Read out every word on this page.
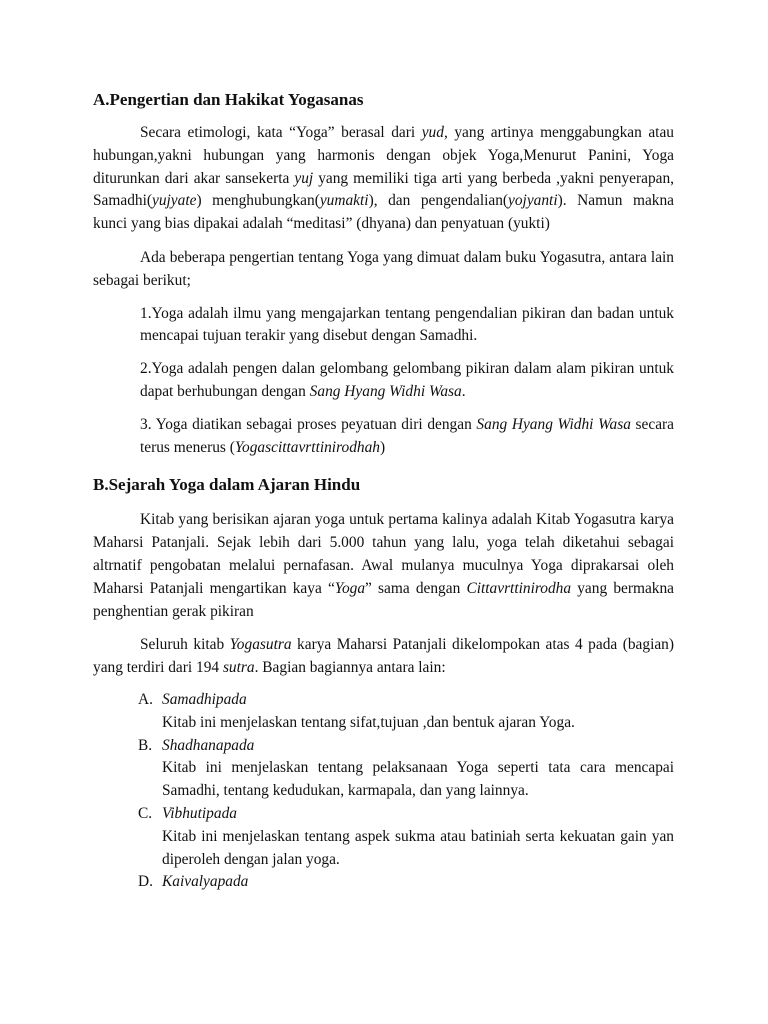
A.Pengertian dan Hakikat Yogasanas

Secara etimologi, kata “Yoga” berasal dari yud, yang artinya menggabungkan atau hubungan,yakni hubungan yang harmonis dengan objek Yoga,Menurut Panini, Yoga diturunkan dari akar sansekerta yuj yang memiliki tiga arti yang berbeda ,yakni penyerapan, Samadhi(yujyate) menghubungkan(yumakti), dan pengendalian(yojyanti). Namun makna kunci yang bias dipakai adalah “meditasi” (dhyana) dan penyatuan (yukti)

Ada beberapa pengertian tentang Yoga yang dimuat dalam buku Yogasutra, antara lain sebagai berikut;

1.Yoga adalah ilmu yang mengajarkan tentang pengendalian pikiran dan badan untuk mencapai tujuan terakir yang disebut dengan Samadhi.

2.Yoga adalah pengen dalan gelombang gelombang pikiran dalam alam pikiran untuk dapat berhubungan dengan Sang Hyang Widhi Wasa.

3. Yoga diatikan sebagai proses peyatuan diri dengan Sang Hyang Widhi Wasa secara terus menerus (Yogascittavrttinirodhah)

B.Sejarah Yoga dalam Ajaran Hindu

Kitab yang berisikan ajaran yoga untuk pertama kalinya adalah Kitab Yogasutra karya Maharsi Patanjali. Sejak lebih dari 5.000 tahun yang lalu, yoga telah diketahui sebagai altrnatif pengobatan melalui pernafasan. Awal mulanya muculnya Yoga diprakarsai oleh Maharsi Patanjali mengartikan kaya “Yoga” sama dengan Cittavrttinirodha yang bermakna penghentian gerak pikiran

Seluruh kitab Yogasutra karya Maharsi Patanjali dikelompokan atas 4 pada (bagian) yang terdiri dari 194 sutra. Bagian bagiannya antara lain:

A. Samadhipada
Kitab ini menjelaskan tentang sifat,tujuan ,dan bentuk ajaran Yoga.
B. Shadhanapada
Kitab ini menjelaskan tentang pelaksanaan Yoga seperti tata cara mencapai Samadhi, tentang kedudukan, karmapala, dan yang lainnya.
C. Vibhutipada
Kitab ini menjelaskan tentang aspek sukma atau batiniah serta kekuatan gain yan diperoleh dengan jalan yoga.
D. Kaivalyapada
